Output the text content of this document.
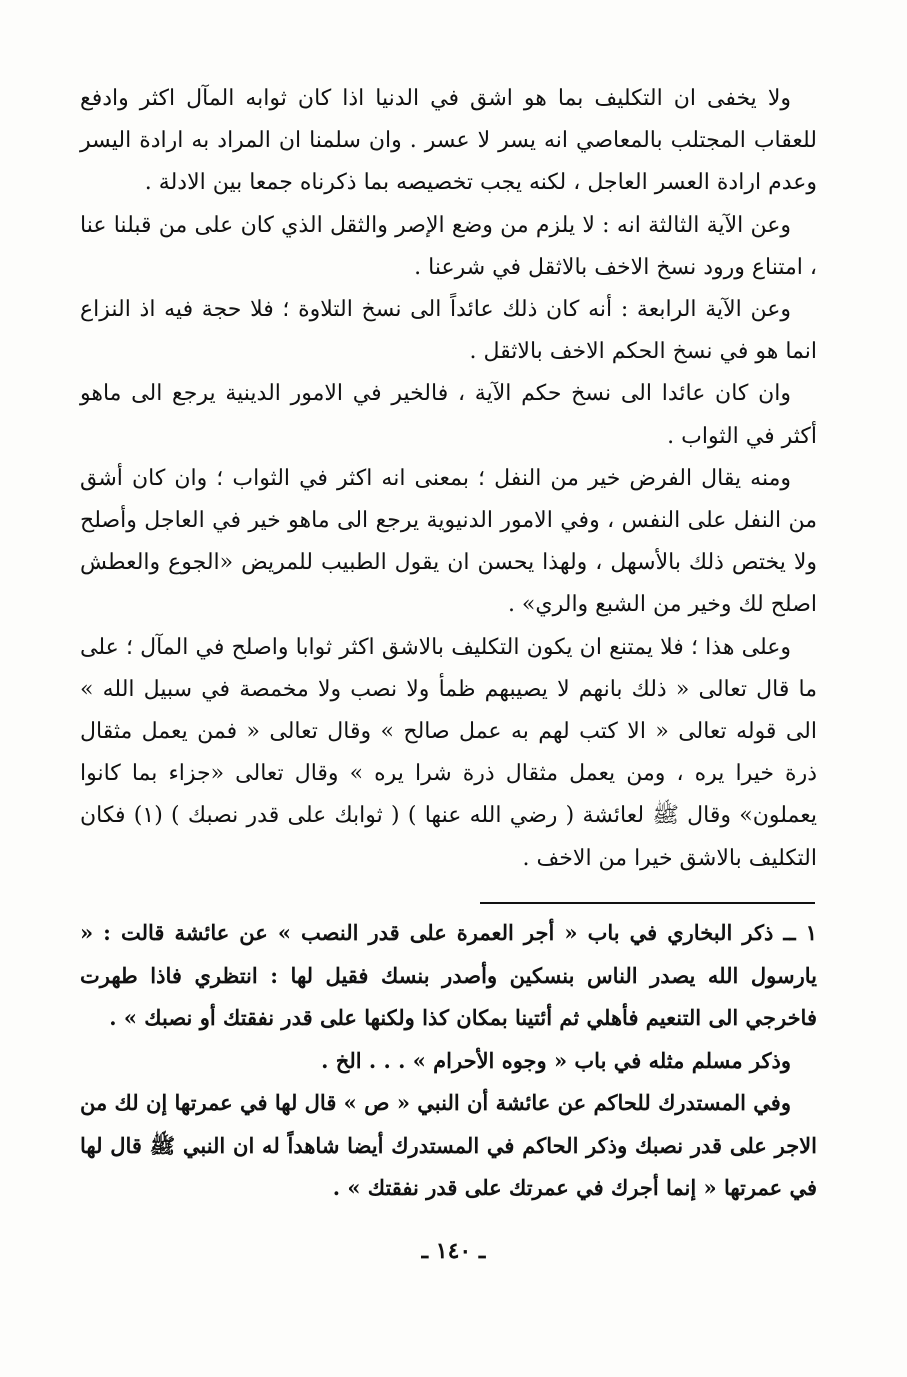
ولا يخفى ان التكليف بما هو اشق في الدنيا اذا كان ثوابه المآل اكثر وادفع للعقاب المجتلب بالمعاصي انه يسر لا عسر . وان سلمنا ان المراد به ارادة اليسر وعدم ارادة العسر العاجل ، لكنه يجب تخصيصه بما ذكرناه جمعا بين الادلة .

وعن الآية الثالثة انه : لا يلزم من وضع الإصر والثقل الذي كان على من قبلنا عنا ، امتناع ورود نسخ الاخف بالاثقل في شرعنا .

وعن الآية الرابعة : أنه كان ذلك عائداً الى نسخ التلاوة ؛ فلا حجة فيه اذ النزاع انما هو في نسخ الحكم الاخف بالاثقل .

وان كان عائدا الى نسخ حكم الآية ، فالخير في الامور الدينية يرجع الى ماهو أكثر في الثواب .

ومنه يقال الفرض خير من النفل ؛ بمعنى انه اكثر في الثواب ؛ وان كان أشق من النفل على النفس ، وفي الامور الدنيوية يرجع الى ماهو خير في العاجل وأصلح ولا يختص ذلك بالأسهل ، ولهذا يحسن ان يقول الطبيب للمريض «الجوع والعطش اصلح لك وخير من الشبع والري» .

وعلى هذا ؛ فلا يمتنع ان يكون التكليف بالاشق اكثر ثوابا واصلح في المآل ؛ على ما قال تعالى « ذلك بانهم لا يصيبهم ظمأ ولا نصب ولا مخمصة في سبيل الله » الى قوله تعالى « الا كتب لهم به عمل صالح » وقال تعالى « فمن يعمل مثقال ذرة خيرا يره ، ومن يعمل مثقال ذرة شرا يره » وقال تعالى «جزاء بما كانوا يعملون» وقال ﷺ لعائشة ( رضي الله عنها ) ( ثوابك على قدر نصبك ) (١) فكان التكليف بالاشق خيرا من الاخف .

١ ــ ذكر البخاري في باب « أجر العمرة على قدر النصب » عن عائشة قالت : « يارسول الله يصدر الناس بنسكين وأصدر بنسك فقيل لها : انتظري فاذا طهرت فاخرجي الى التنعيم فأهلي ثم أئتينا بمكان كذا ولكنها على قدر نفقتك أو نصبك » .

وذكر مسلم مثله في باب « وجوه الأحرام » . . . الخ .

وفي المستدرك للحاكم عن عائشة أن النبي « ص » قال لها في عمرتها إن لك من الاجر على قدر نصبك وذكر الحاكم في المستدرك أيضا شاهداً له ان النبي ﷺ قال لها في عمرتها « إنما أجرك في عمرتك على قدر نفقتك » .

ـ ١٤٠ ـ
